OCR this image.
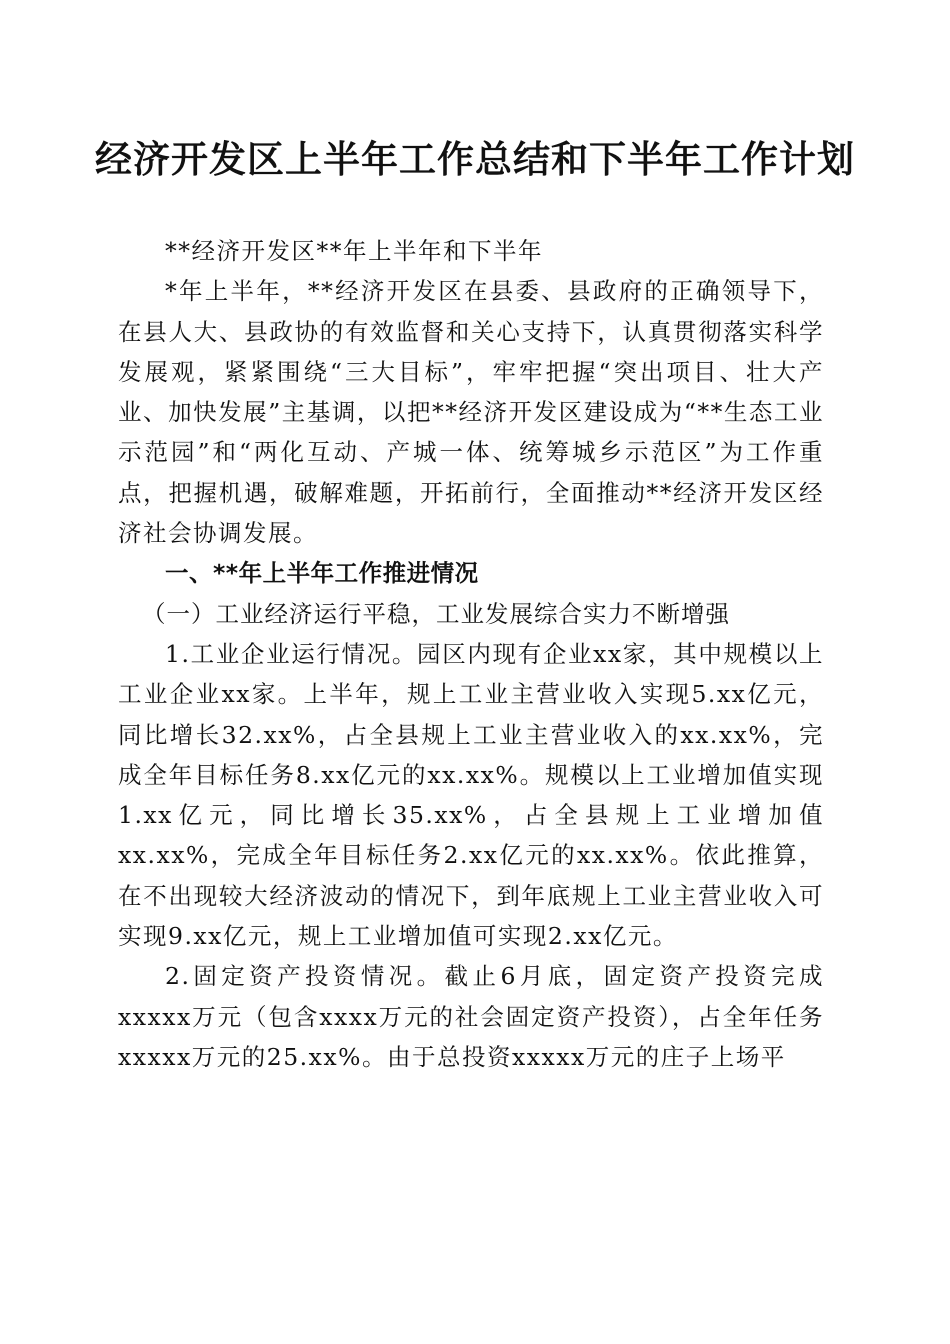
经济开发区上半年工作总结和下半年工作计划

**经济开发区**年上半年和下半年

*年上半年，**经济开发区在县委、县政府的正确领导下，在县人大、县政协的有效监督和关心支持下，认真贯彻落实科学发展观，紧紧围绕“三大目标”，牢牢把握“突出项目、壮大产业、加快发展”主基调，以把**经济开发区建设成为“**生态工业示范园”和“两化互动、产城一体、统筹城乡示范区”为工作重点，把握机遇，破解难题，开拓前行，全面推动**经济开发区经济社会协调发展。

一、**年上半年工作推进情况

（一）工业经济运行平稳，工业发展综合实力不断增强

1.工业企业运行情况。园区内现有企业xx家，其中规模以上工业企业xx家。上半年，规上工业主营业收入实现5.xx亿元，同比增长32.xx%，占全县规上工业主营业收入的xx.xx%，完成全年目标任务8.xx亿元的xx.xx%。规模以上工业增加值实现1.xx亿元，同比增长35.xx%，占全县规上工业增加值xx.xx%，完成全年目标任务2.xx亿元的xx.xx%。依此推算，在不出现较大经济波动的情况下，到年底规上工业主营业收入可实现9.xx亿元，规上工业增加值可实现2.xx亿元。

2.固定资产投资情况。截止6月底，固定资产投资完成xxxxx万元（包含xxxx万元的社会固定资产投资），占全年任务xxxxx万元的25.xx%。由于总投资xxxxx万元的庄子上场平
